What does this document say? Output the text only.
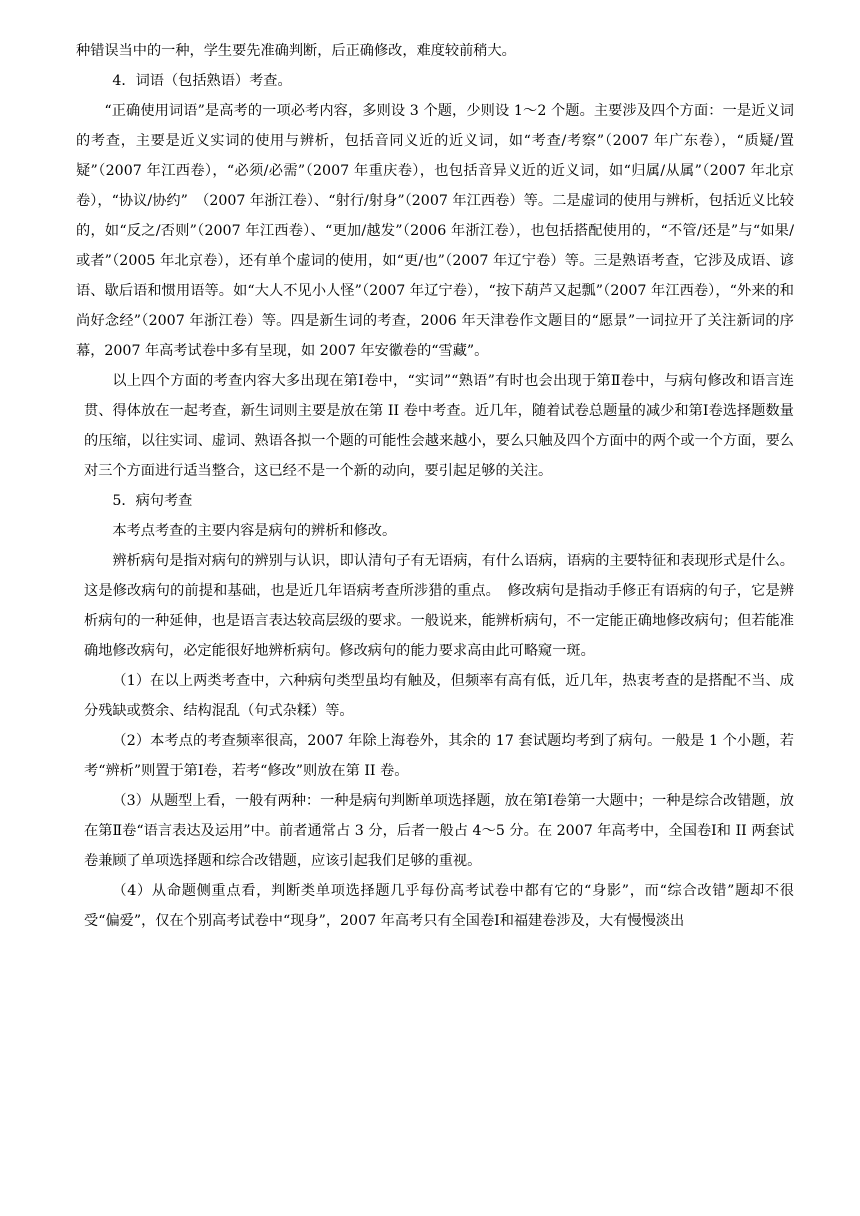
种错误当中的一种，学生要先准确判断，后正确修改，难度较前稍大。

4．词语（包括熟语）考查。

“正确使用词语”是高考的一项必考内容，多则设 3 个题，少则设 1～2 个题。主要涉及四个方面：一是近义词的考查，主要是近义实词的使用与辨析，包括音同义近的近义词，如“考查/考察”（2007 年广东卷），“质疑/置疑”（2007 年江西卷），“必须/必需”（2007 年重庆卷），也包括音异义近的近义词，如“归属/从属”（2007 年北京卷），“协议/协约”　（2007 年浙江卷）、“射行/射身”（2007 年江西卷）等。二是虚词的使用与辨析，包括近义比较的，如“反之/否则”（2007 年江西卷）、“更加/越发”（2006 年浙江卷），也包括搭配使用的，“不管/还是”与“如果/或者”（2005 年北京卷），还有单个虚词的使用，如“更/也”（2007 年辽宁卷）等。三是熟语考查，它涉及成语、谚语、歇后语和惯用语等。如“大人不见小人怪”（2007 年辽宁卷），“按下葫芦又起瓢”（2007 年江西卷），“外来的和尚好念经”（2007 年浙江卷）等。四是新生词的考查，2006 年天津卷作文题目的“愿景”一词拉开了关注新词的序幕，2007 年高考试卷中多有呈现，如 2007 年安徽卷的“雪藏”。

以上四个方面的考查内容大多出现在第Ⅰ卷中，“实词”“熟语”有时也会出现于第Ⅱ卷中，与病句修改和语言连贯、得体放在一起考查，新生词则主要是放在第 II 卷中考查。近几年，随着试卷总题量的减少和第Ⅰ卷选择题数量的压缩，以往实词、虚词、熟语各拟一个题的可能性会越来越小，要么只触及四个方面中的两个或一个方面，要么对三个方面进行适当整合，这已经不是一个新的动向，要引起足够的关注。

5．病句考查

本考点考查的主要内容是病句的辨析和修改。

辨析病句是指对病句的辨别与认识，即认清句子有无语病，有什么语病，语病的主要特征和表现形式是什么。这是修改病句的前提和基础，也是近几年语病考查所涉猎的重点。　修改病句是指动手修正有语病的句子，它是辨析病句的一种延伸，也是语言表达较高层级的要求。一般说来，能辨析病句，不一定能正确地修改病句；但若能准确地修改病句，必定能很好地辨析病句。修改病句的能力要求高由此可略窥一斑。

（1）在以上两类考查中，六种病句类型虽均有触及，但频率有高有低，近几年，热衷考查的是搭配不当、成分残缺或赘余、结构混乱（句式杂糅）等。

（2）本考点的考查频率很高，2007 年除上海卷外，其余的 17 套试题均考到了病句。一般是 1 个小题，若考“辨析”则置于第Ⅰ卷，若考“修改”则放在第 II 卷。

（3）从题型上看，一般有两种：一种是病句判断单项选择题，放在第Ⅰ卷第一大题中；一种是综合改错题，放在第Ⅱ卷“语言表达及运用”中。前者通常占 3 分，后者一般占 4～5 分。在 2007 年高考中，全国卷Ⅰ和 II 两套试卷兼顾了单项选择题和综合改错题，应该引起我们足够的重视。

（4）从命题侧重点看，判断类单项选择题几乎每份高考试卷中都有它的“身影”，而“综合改错”题却不很受“偏爱”，仅在个别高考试卷中“现身”，2007 年高考只有全国卷Ⅰ和福建卷涉及，大有慢慢淡出
